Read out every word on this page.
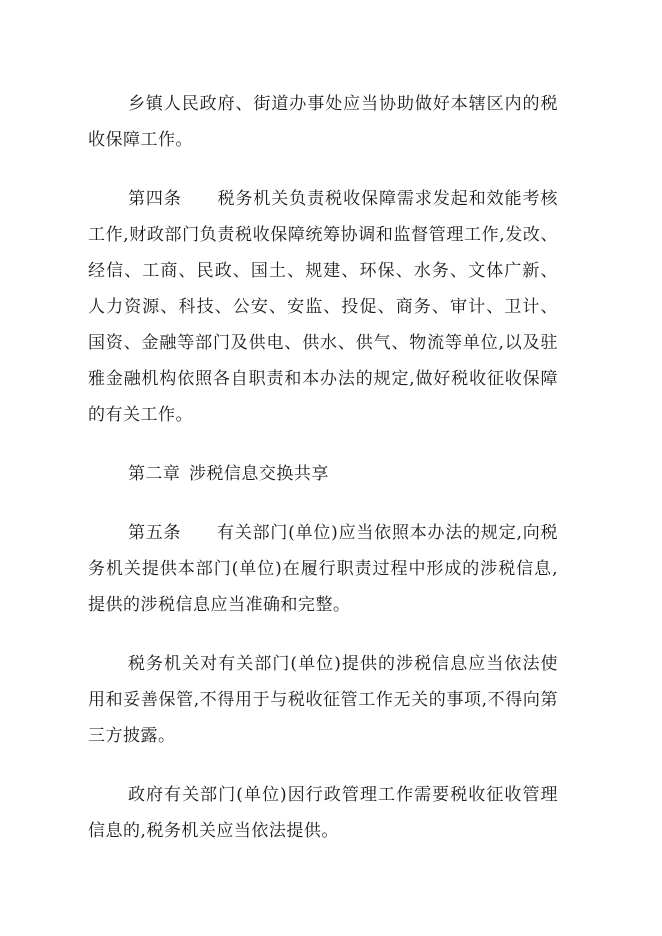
乡镇人民政府、街道办事处应当协助做好本辖区内的税收保障工作。

第四条 税务机关负责税收保障需求发起和效能考核工作,财政部门负责税收保障统筹协调和监督管理工作,发改、经信、工商、民政、国土、规建、环保、水务、文体广新、人力资源、科技、公安、安监、投促、商务、审计、卫计、国资、金融等部门及供电、供水、供气、物流等单位,以及驻雅金融机构依照各自职责和本办法的规定,做好税收征收保障的有关工作。

第二章 涉税信息交换共享

第五条 有关部门(单位)应当依照本办法的规定,向税务机关提供本部门(单位)在履行职责过程中形成的涉税信息,提供的涉税信息应当准确和完整。

税务机关对有关部门(单位)提供的涉税信息应当依法使用和妥善保管,不得用于与税收征管工作无关的事项,不得向第三方披露。

政府有关部门(单位)因行政管理工作需要税收征收管理信息的,税务机关应当依法提供。
